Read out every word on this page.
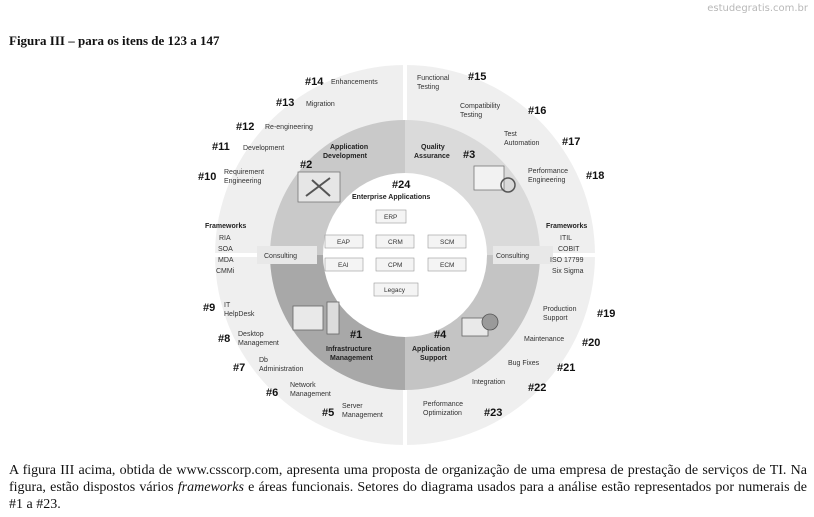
estudegratis.com.br
Figura III – para os itens de 123 a 147
Consulting	Consulting
#24
Enterprise Applications
ERP
EAP	CRM	SCM
EAI	CPM	ECM
Legacy
Application
Development
#2
Quality
Assurance #3
#1
Infrastructure
Management
#4
Application
Support
Frameworks
RIA
SOA
MDA
CMMi
Frameworks
ITIL
COBIT
ISO 17799
Six Sigma
#14 Enhancements
#13 Migration
#12 Re-engineering
#11 Development
#10 Requirement
Engineering
Functional
Testing
#15
Compatibility
Testing	#16
Test
Automation #17
Performance
Engineering #18
#9 IT
HelpDesk
#8 Desktop
Management
#7
Db
Administration
#6
Network
Management
#5
Server
Management
Production
Support	#19
Maintenance #20
Bug Fixes #21
Integration #22
Performance
Optimization #23
A figura III acima, obtida de www.csscorp.com, apresenta uma proposta de organização de uma empresa de prestação de serviços de TI. Na figura, estão dispostos vários frameworks e áreas funcionais. Setores do diagrama usados para a análise estão representados por numerais de #1 a #23.
